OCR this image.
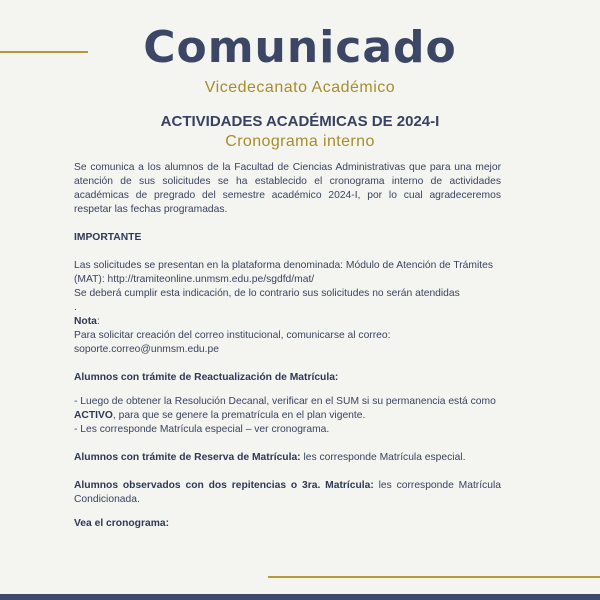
Comunicado
Vicedecanato Académico
ACTIVIDADES ACADÉMICAS DE 2024-I
Cronograma interno

Se comunica a los alumnos de la Facultad de Ciencias Administrativas que para una mejor atención de sus solicitudes se ha establecido el cronograma interno de actividades académicas de pregrado del semestre académico 2024-I, por lo cual agradeceremos respetar las fechas programadas.

IMPORTANTE

Las solicitudes se presentan en la plataforma denominada: Módulo de Atención de Trámites (MAT): http://tramiteonline.unmsm.edu.pe/sgdfd/mat/

Se deberá cumplir esta indicación, de lo contrario sus solicitudes no serán atendidas

.

Nota:

Para solicitar creación del correo institucional, comunicarse al correo: soporte.correo@unmsm.edu.pe

Alumnos con trámite de Reactualización de Matrícula:

- Luego de obtener la Resolución Decanal, verificar en el SUM si su permanencia está como ACTIVO, para que se genere la prematrícula en el plan vigente.

- Les corresponde Matrícula especial – ver cronograma.

Alumnos con trámite de Reserva de Matrícula: les corresponde Matrícula especial.

Alumnos observados con dos repitencias o 3ra. Matrícula: les corresponde Matrícula Condicionada.

Vea el cronograma:
